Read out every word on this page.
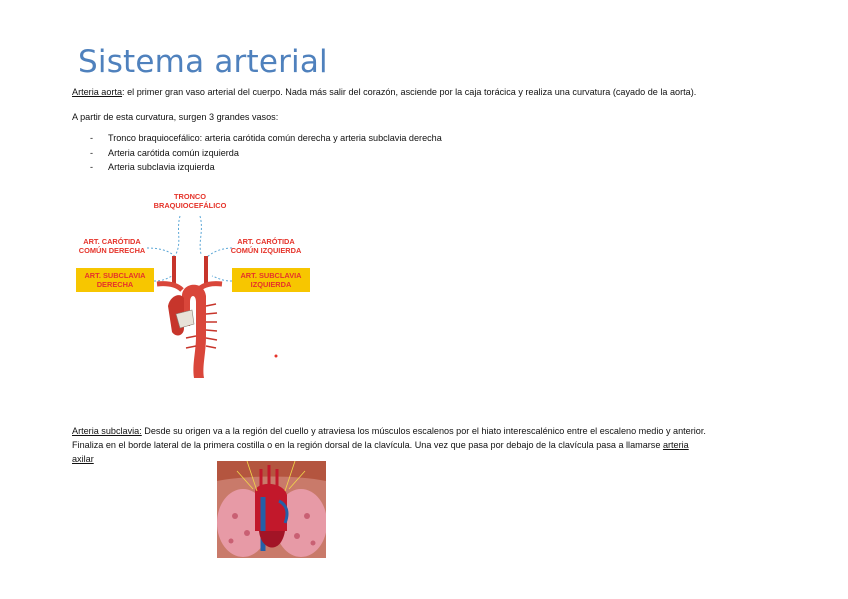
Sistema arterial

Arteria aorta: el primer gran vaso arterial del cuerpo. Nada más salir del corazón, asciende por la caja torácica y realiza una curvatura (cayado de la aorta).

A partir de esta curvatura, surgen 3 grandes vasos:

- Tronco braquiocefálico: arteria carótida común derecha y arteria subclavia derecha
- Arteria carótida común izquierda
- Arteria subclavia izquierda
TRONCO
BRAQUIOCEFÁLICO
ART. CARÓTIDA
COMÚN DERECHA
ART. CARÓTIDA
COMÚN IZQUIERDA
ART. SUBCLAVIA
DERECHA
ART. SUBCLAVIA
IZQUIERDA

Arteria subclavia: Desde su origen va a la región del cuello y atraviesa los músculos escalenos por el hiato interescalénico entre el escaleno medio y anterior.

Finaliza en el borde lateral de la primera costilla o en la región dorsal de la clavícula. Una vez que pasa por debajo de la clavícula pasa a llamarse arteria

axilar
